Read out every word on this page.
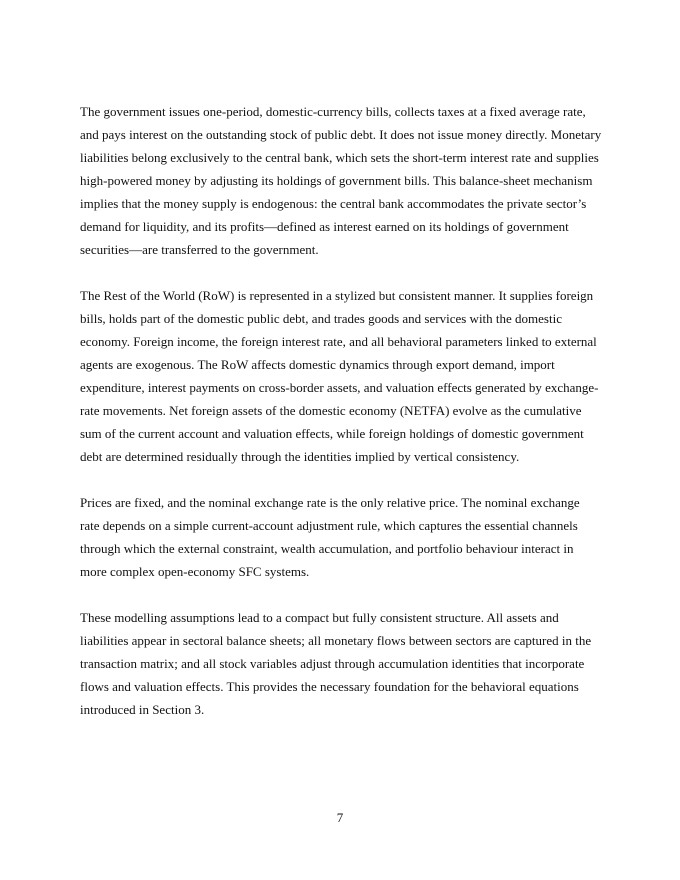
The government issues one-period, domestic-currency bills, collects taxes at a fixed average rate, and pays interest on the outstanding stock of public debt. It does not issue money directly. Monetary liabilities belong exclusively to the central bank, which sets the short-term interest rate and supplies high-powered money by adjusting its holdings of government bills. This balance-sheet mechanism implies that the money supply is endogenous: the central bank accommodates the private sector’s demand for liquidity, and its profits—defined as interest earned on its holdings of government securities—are transferred to the government.

The Rest of the World (RoW) is represented in a stylized but consistent manner. It supplies foreign bills, holds part of the domestic public debt, and trades goods and services with the domestic economy. Foreign income, the foreign interest rate, and all behavioral parameters linked to external agents are exogenous. The RoW affects domestic dynamics through export demand, import expenditure, interest payments on cross-border assets, and valuation effects generated by exchange-rate movements. Net foreign assets of the domestic economy (NETFA) evolve as the cumulative sum of the current account and valuation effects, while foreign holdings of domestic government debt are determined residually through the identities implied by vertical consistency.

Prices are fixed, and the nominal exchange rate is the only relative price. The nominal exchange rate depends on a simple current-account adjustment rule, which captures the essential channels through which the external constraint, wealth accumulation, and portfolio behaviour interact in more complex open-economy SFC systems.

These modelling assumptions lead to a compact but fully consistent structure. All assets and liabilities appear in sectoral balance sheets; all monetary flows between sectors are captured in the transaction matrix; and all stock variables adjust through accumulation identities that incorporate flows and valuation effects. This provides the necessary foundation for the behavioral equations introduced in Section 3.

7
